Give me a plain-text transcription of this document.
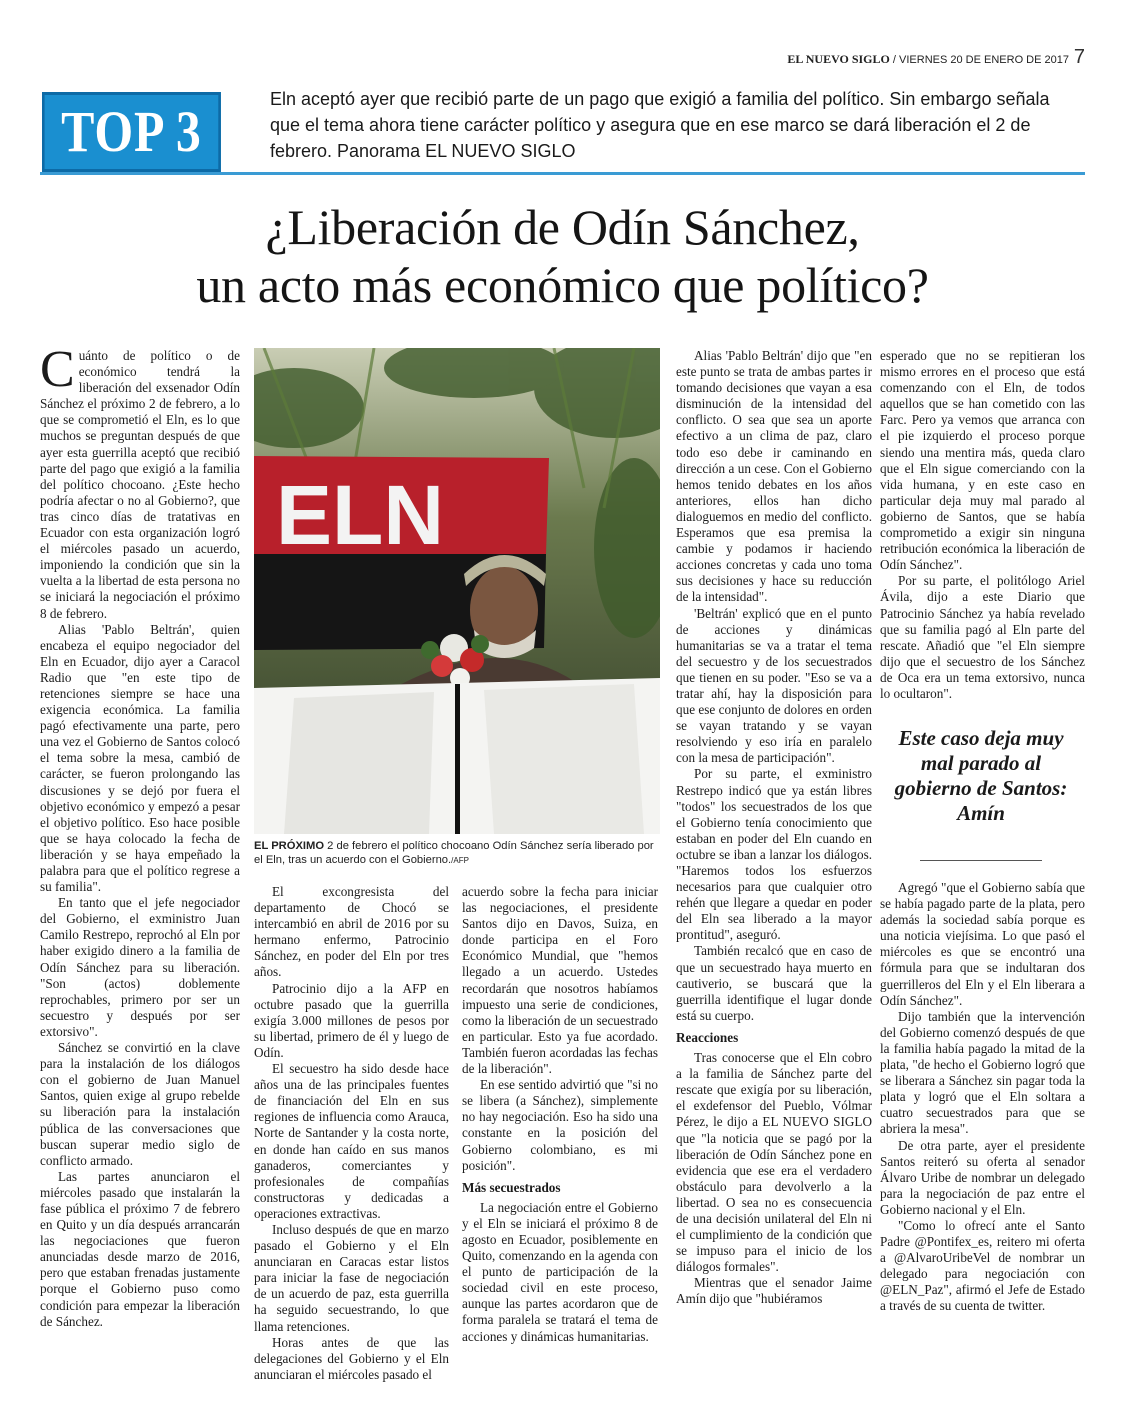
EL NUEVO SIGLO / VIERNES 20 DE ENERO DE 2017 7
TOP 3	Eln aceptó ayer que recibió parte de un pago que exigió a familia del político. Sin embargo señala que el tema ahora tiene carácter político y asegura que en ese marco se dará liberación el 2 de febrero. Panorama EL NUEVO SIGLO
¿Liberación de Odín Sánchez,
un acto más económico que político?

Cuánto de político o de económico tendrá la liberación del exsenador Odín Sánchez el próximo 2 de febrero, a lo que se comprometió el Eln, es lo que muchos se preguntan después de que ayer esta guerrilla aceptó que recibió parte del pago que exigió a la familia del político chocoano. ¿Este hecho podría afectar o no al Gobierno?, que tras cinco días de tratativas en Ecuador con esta organización logró el miércoles pasado un acuerdo, imponiendo la condición que sin la vuelta a la libertad de esta persona no se iniciará la negociación el próximo 8 de febrero.

Alias 'Pablo Beltrán', quien encabeza el equipo negociador del Eln en Ecuador, dijo ayer a Caracol Radio que "en este tipo de retenciones siempre se hace una exigencia económica. La familia pagó efectivamente una parte, pero una vez el Gobierno de Santos colocó el tema sobre la mesa, cambió de carácter, se fueron prolongando las discusiones y se dejó por fuera el objetivo económico y empezó a pesar el objetivo político. Eso hace posible que se haya colocado la fecha de liberación y se haya empeñado la palabra para que el político regrese a su familia".

En tanto que el jefe negociador del Gobierno, el exministro Juan Camilo Restrepo, reprochó al Eln por haber exigido dinero a la familia de Odín Sánchez para su liberación. "Son (actos) doblemente reprochables, primero por ser un secuestro y después por ser extorsivo".

Sánchez se convirtió en la clave para la instalación de los diálogos con el gobierno de Juan Manuel Santos, quien exige al grupo rebelde su liberación para la instalación pública de las conversaciones que buscan superar medio siglo de conflicto armado.

Las partes anunciaron el miércoles pasado que instalarán la fase pública el próximo 7 de febrero en Quito y un día después arrancarán las negociaciones que fueron anunciadas desde marzo de 2016, pero que estaban frenadas justamente porque el Gobierno puso como condición para empezar la liberación de Sánchez.

ELN
EL PRÓXIMO 2 de febrero el político chocoano Odín Sánchez sería liberado por el Eln, tras un acuerdo con el Gobierno./AFP

El excongresista del departamento de Chocó se intercambió en abril de 2016 por su hermano enfermo, Patrocinio Sánchez, en poder del Eln por tres años.

Patrocinio dijo a la AFP en octubre pasado que la guerrilla exigía 3.000 millones de pesos por su libertad, primero de él y luego de Odín.

El secuestro ha sido desde hace años una de las principales fuentes de financiación del Eln en sus regiones de influencia como Arauca, Norte de Santander y la costa norte, en donde han caído en sus manos ganaderos, comerciantes y profesionales de compañías constructoras y dedicadas a operaciones extractivas.

Incluso después de que en marzo pasado el Gobierno y el Eln anunciaran en Caracas estar listos para iniciar la fase de negociación de un acuerdo de paz, esta guerrilla ha seguido secuestrando, lo que llama retenciones.

Horas antes de que las delegaciones del Gobierno y el Eln anunciaran el miércoles pasado el

acuerdo sobre la fecha para iniciar las negociaciones, el presidente Santos dijo en Davos, Suiza, en donde participa en el Foro Económico Mundial, que "hemos llegado a un acuerdo. Ustedes recordarán que nosotros habíamos impuesto una serie de condiciones, como la liberación de un secuestrado en particular. Esto ya fue acordado. También fueron acordadas las fechas de la liberación".

En ese sentido advirtió que "si no se libera (a Sánchez), simplemente no hay negociación. Eso ha sido una constante en la posición del Gobierno colombiano, es mi posición".

Más secuestrados

La negociación entre el Gobierno y el Eln se iniciará el próximo 8 de agosto en Ecuador, posiblemente en Quito, comenzando en la agenda con el punto de participación de la sociedad civil en este proceso, aunque las partes acordaron que de forma paralela se tratará el tema de acciones y dinámicas humanitarias.

Alias 'Pablo Beltrán' dijo que "en este punto se trata de ambas partes ir tomando decisiones que vayan a esa disminución de la intensidad del conflicto. O sea que sea un aporte efectivo a un clima de paz, claro todo eso debe ir caminando en dirección a un cese. Con el Gobierno hemos tenido debates en los años anteriores, ellos han dicho dialoguemos en medio del conflicto. Esperamos que esa premisa la cambie y podamos ir haciendo acciones concretas y cada uno toma sus decisiones y hace su reducción de la intensidad".

'Beltrán' explicó que en el punto de acciones y dinámicas humanitarias se va a tratar el tema del secuestro y de los secuestrados que tienen en su poder. "Eso se va a tratar ahí, hay la disposición para que ese conjunto de dolores en orden se vayan tratando y se vayan resolviendo y eso iría en paralelo con la mesa de participación".

Por su parte, el exministro Restrepo indicó que ya están libres "todos" los secuestrados de los que el Gobierno tenía conocimiento que estaban en poder del Eln cuando en octubre se iban a lanzar los diálogos. "Haremos todos los esfuerzos necesarios para que cualquier otro rehén que llegare a quedar en poder del Eln sea liberado a la mayor prontitud", aseguró.

También recalcó que en caso de que un secuestrado haya muerto en cautiverio, se buscará que la guerrilla identifique el lugar donde está su cuerpo.

Reacciones

Tras conocerse que el Eln cobro a la familia de Sánchez parte del rescate que exigía por su liberación, el exdefensor del Pueblo, Vólmar Pérez, le dijo a EL NUEVO SIGLO que "la noticia que se pagó por la liberación de Odín Sánchez pone en evidencia que ese era el verdadero obstáculo para devolverlo a la libertad. O sea no es consecuencia de una decisión unilateral del Eln ni el cumplimiento de la condición que se impuso para el inicio de los diálogos formales".

Mientras que el senador Jaime Amín dijo que "hubiéramos

esperado que no se repitieran los mismo errores en el proceso que está comenzando con el Eln, de todos aquellos que se han cometido con las Farc. Pero ya vemos que arranca con el pie izquierdo el proceso porque siendo una mentira más, queda claro que el Eln sigue comerciando con la vida humana, y en este caso en particular deja muy mal parado al gobierno de Santos, que se había comprometido a exigir sin ninguna retribución económica la liberación de Odín Sánchez".

Por su parte, el politólogo Ariel Ávila, dijo a este Diario que Patrocinio Sánchez ya había revelado que su familia pagó al Eln parte del rescate. Añadió que "el Eln siempre dijo que el secuestro de los Sánchez de Oca era un tema extorsivo, nunca lo ocultaron".

Este caso deja muy mal parado al gobierno de Santos: Amín

Agregó "que el Gobierno sabía que se había pagado parte de la plata, pero además la sociedad sabía porque es una noticia viejísima. Lo que pasó el miércoles es que se encontró una fórmula para que se indultaran dos guerrilleros del Eln y el Eln liberara a Odín Sánchez".

Dijo también que la intervención del Gobierno comenzó después de que la familia había pagado la mitad de la plata, "de hecho el Gobierno logró que se liberara a Sánchez sin pagar toda la plata y logró que el Eln soltara a cuatro secuestrados para que se abriera la mesa".

De otra parte, ayer el presidente Santos reiteró su oferta al senador Álvaro Uribe de nombrar un delegado para la negociación de paz entre el Gobierno nacional y el Eln.

"Como lo ofrecí ante el Santo Padre @Pontifex_es, reitero mi oferta a @AlvaroUribeVel de nombrar un delegado para negociación con @ELN_Paz", afirmó el Jefe de Estado a través de su cuenta de twitter.
